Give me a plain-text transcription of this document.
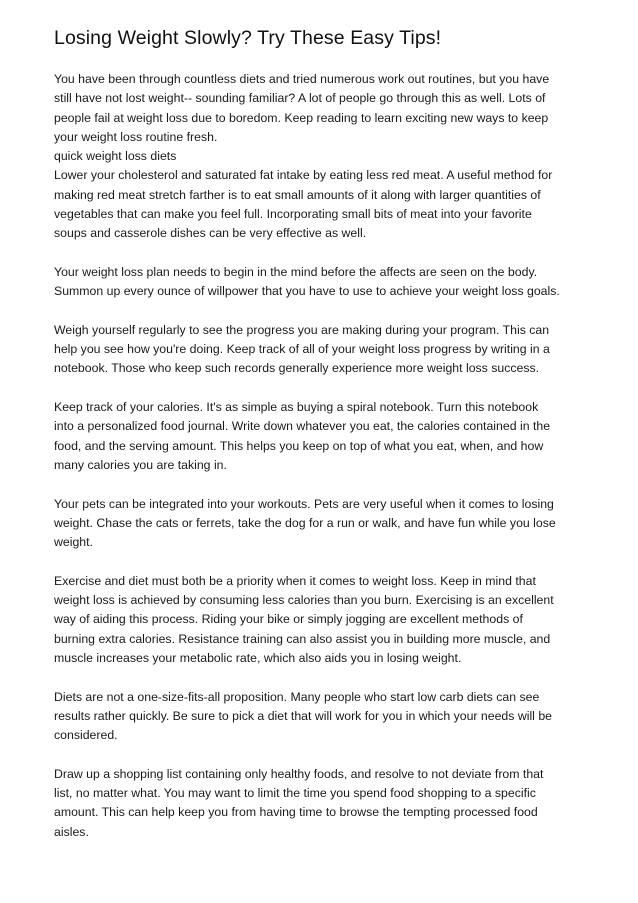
Losing Weight Slowly? Try These Easy Tips!
You have been through countless diets and tried numerous work out routines, but you have
still have not lost weight-- sounding familiar? A lot of people go through this as well. Lots of
people fail at weight loss due to boredom. Keep reading to learn exciting new ways to keep
your weight loss routine fresh.
quick weight loss diets
Lower your cholesterol and saturated fat intake by eating less red meat. A useful method for
making red meat stretch farther is to eat small amounts of it along with larger quantities of
vegetables that can make you feel full. Incorporating small bits of meat into your favorite
soups and casserole dishes can be very effective as well.
Your weight loss plan needs to begin in the mind before the affects are seen on the body.
Summon up every ounce of willpower that you have to use to achieve your weight loss goals.
Weigh yourself regularly to see the progress you are making during your program. This can
help you see how you're doing. Keep track of all of your weight loss progress by writing in a
notebook. Those who keep such records generally experience more weight loss success.
Keep track of your calories. It's as simple as buying a spiral notebook. Turn this notebook
into a personalized food journal. Write down whatever you eat, the calories contained in the
food, and the serving amount. This helps you keep on top of what you eat, when, and how
many calories you are taking in.
Your pets can be integrated into your workouts. Pets are very useful when it comes to losing
weight. Chase the cats or ferrets, take the dog for a run or walk, and have fun while you lose
weight.
Exercise and diet must both be a priority when it comes to weight loss. Keep in mind that
weight loss is achieved by consuming less calories than you burn. Exercising is an excellent
way of aiding this process. Riding your bike or simply jogging are excellent methods of
burning extra calories. Resistance training can also assist you in building more muscle, and
muscle increases your metabolic rate, which also aids you in losing weight.
Diets are not a one-size-fits-all proposition. Many people who start low carb diets can see
results rather quickly. Be sure to pick a diet that will work for you in which your needs will be
considered.
Draw up a shopping list containing only healthy foods, and resolve to not deviate from that
list, no matter what. You may want to limit the time you spend food shopping to a specific
amount. This can help keep you from having time to browse the tempting processed food
aisles.
